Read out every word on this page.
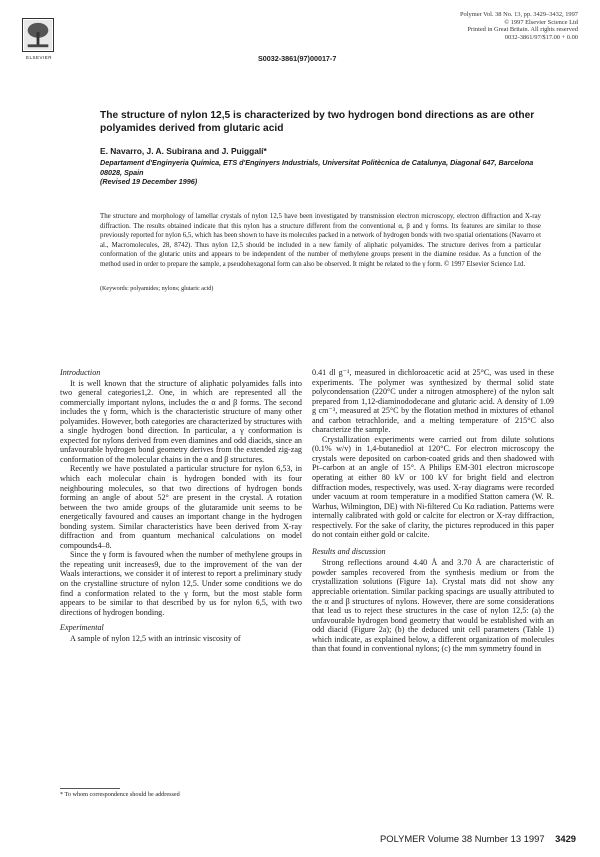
ELSEVIER
Polymer Vol. 38 No. 13, pp. 3429–3432, 1997
© 1997 Elsevier Science Ltd
Printed in Great Britain. All rights reserved
0032-3861/97/$17.00 + 0.00
S0032-3861(97)00017-7
The structure of nylon 12,5 is characterized by two hydrogen bond directions as are other polyamides derived from glutaric acid
E. Navarro, J. A. Subirana and J. Puiggalí*
Departament d'Enginyeria Química, ETS d'Enginyers Industrials, Universitat Politècnica de Catalunya, Diagonal 647, Barcelona 08028, Spain
(Revised 19 December 1996)
The structure and morphology of lamellar crystals of nylon 12,5 have been investigated by transmission electron microscopy, electron diffraction and X-ray diffraction. The results obtained indicate that this nylon has a structure different from the conventional α, β and γ forms. Its features are similar to those previously reported for nylon 6,5, which has been shown to have its molecules packed in a network of hydrogen bonds with two spatial orientations (Navarro et al., Macromolecules, 28, 8742). Thus nylon 12,5 should be included in a new family of aliphatic polyamides. The structure derives from a particular conformation of the glutaric units and appears to be independent of the number of methylene groups present in the diamine residue. As a function of the method used in order to prepare the sample, a pseudohexagonal form can also be observed. It might be related to the γ form. © 1997 Elsevier Science Ltd.
(Keywords: polyamides; nylons; glutaric acid)

Introduction

It is well known that the structure of aliphatic polyamides falls into two general categories1,2. One, in which are represented all the commercially important nylons, includes the α and β forms. The second includes the γ form, which is the characteristic structure of many other polyamides. However, both categories are characterized by structures with a single hydrogen bond direction. In particular, a γ conformation is expected for nylons derived from even diamines and odd diacids, since an unfavourable hydrogen bond geometry derives from the extended zig-zag conformation of the molecular chains in the α and β structures.

Recently we have postulated a particular structure for nylon 6,53, in which each molecular chain is hydrogen bonded with its four neighbouring molecules, so that two directions of hydrogen bonds forming an angle of about 52° are present in the crystal. A rotation between the two amide groups of the glutaramide unit seems to be energetically favoured and causes an important change in the hydrogen bonding system. Similar characteristics have been derived from X-ray diffraction and from quantum mechanical calculations on model compounds4–8.

Since the γ form is favoured when the number of methylene groups in the repeating unit increases9, due to the improvement of the van der Waals interactions, we consider it of interest to report a preliminary study on the crystalline structure of nylon 12,5. Under some conditions we do find a conformation related to the γ form, but the most stable form appears to be similar to that described by us for nylon 6,5, with two directions of hydrogen bonding.

Experimental

A sample of nylon 12,5 with an intrinsic viscosity of

0.41 dl g⁻¹, measured in dichloroacetic acid at 25°C, was used in these experiments. The polymer was synthesized by thermal solid state polycondensation (220°C under a nitrogen atmosphere) of the nylon salt prepared from 1,12-diaminododecane and glutaric acid. A density of 1.09 g cm⁻³, measured at 25°C by the flotation method in mixtures of ethanol and carbon tetrachloride, and a melting temperature of 215°C also characterize the sample.

Crystallization experiments were carried out from dilute solutions (0.1% w/v) in 1,4-butanediol at 120°C. For electron microscopy the crystals were deposited on carbon-coated grids and then shadowed with Pt–carbon at an angle of 15°. A Philips EM-301 electron microscope operating at either 80 kV or 100 kV for bright field and electron diffraction modes, respectively, was used. X-ray diagrams were recorded under vacuum at room temperature in a modified Statton camera (W. R. Warhus, Wilmington, DE) with Ni-filtered Cu Kα radiation. Patterns were internally calibrated with gold or calcite for electron or X-ray diffraction, respectively. For the sake of clarity, the pictures reproduced in this paper do not contain either gold or calcite.

Results and discussion

Strong reflections around 4.40 Å and 3.70 Å are characteristic of powder samples recovered from the synthesis medium or from the crystallization solutions (Figure 1a). Crystal mats did not show any appreciable orientation. Similar packing spacings are usually attributed to the α and β structures of nylons. However, there are some considerations that lead us to reject these structures in the case of nylon 12,5: (a) the unfavourable hydrogen bond geometry that would be established with an odd diacid (Figure 2a); (b) the deduced unit cell parameters (Table 1) which indicate, as explained below, a different organization of molecules than that found in conventional nylons; (c) the mm symmetry found in

* To whom correspondence should be addressed
POLYMER Volume 38 Number 13 1997 3429
